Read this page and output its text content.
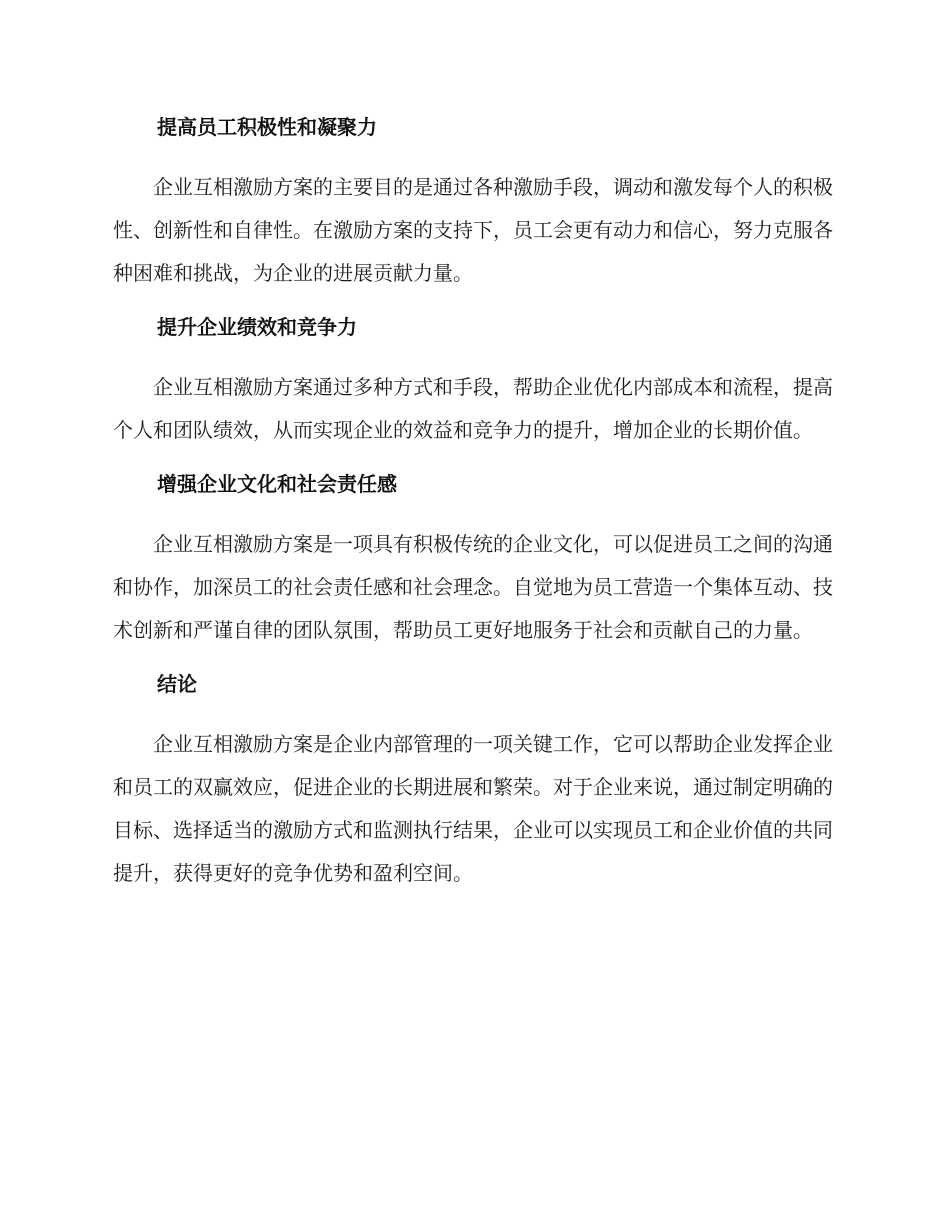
提高员工积极性和凝聚力

企业互相激励方案的主要目的是通过各种激励手段，调动和激发每个人的积极性、创新性和自律性。在激励方案的支持下，员工会更有动力和信心，努力克服各种困难和挑战，为企业的进展贡献力量。

提升企业绩效和竞争力

企业互相激励方案通过多种方式和手段，帮助企业优化内部成本和流程，提高个人和团队绩效，从而实现企业的效益和竞争力的提升，增加企业的长期价值。

增强企业文化和社会责任感

企业互相激励方案是一项具有积极传统的企业文化，可以促进员工之间的沟通和协作，加深员工的社会责任感和社会理念。自觉地为员工营造一个集体互动、技术创新和严谨自律的团队氛围，帮助员工更好地服务于社会和贡献自己的力量。

结论

企业互相激励方案是企业内部管理的一项关键工作，它可以帮助企业发挥企业和员工的双赢效应，促进企业的长期进展和繁荣。对于企业来说，通过制定明确的目标、选择适当的激励方式和监测执行结果，企业可以实现员工和企业价值的共同提升，获得更好的竞争优势和盈利空间。
